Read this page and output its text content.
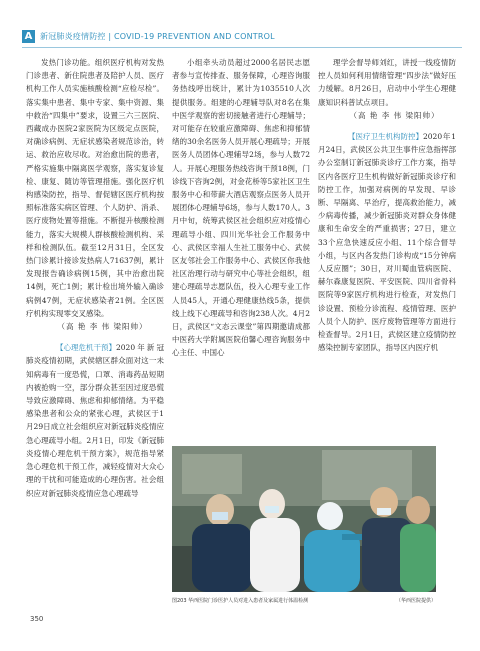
A 新冠肺炎疫情防控 | COVID-19 PREVENTION AND CONTROL

发热门诊功能。组织医疗机构对发热门诊患者、新住院患者及陪护人员、医疗机构工作人员实施核酸检测“应检尽检”。落实集中患者、集中专家、集中资源、集中救治“四集中”要求，设置三六三医院、西藏成办医院2家医院为区级定点医院，对确诊病例、无症状感染者规范诊治，转运、救治应收尽收。对治愈出院的患者，严格实施集中隔离医学观察，落实复诊复检、康复、随访等管理措施。强化医疗机构感染防控，指导、督促辖区医疗机构按照标准落实病区管理、个人防护、消杀、医疗废物处置等措施。不断提升核酸检测能力，落实大规模人群核酸检测机构、采样和检测队伍。截至12月31日，全区发热门诊累计接诊发热病人71637例，累计发现报告确诊病例15例，其中治愈出院14例，死亡1例；累计检出境外输入确诊病例47例，无症状感染者21例。全区医疗机构实现零交叉感染。

（高 艳 李 伟 梁阳帅）

【心理危机干预】2020年新冠肺炎疫情初期，武侯辖区群众面对这一未知病毒有一度恐慌，口罩、消毒药品短期内被抢购一空，部分群众甚至因过度恐慌导致应激障碍、焦虑和抑郁情绪。为平稳感染患者和公众的紧张心理，武侯区于1月29日成立社会组织应对新冠肺炎疫情应急心理疏导小组。2月1日，印发《新冠肺炎疫情心理危机干预方案》，规范指导紧急心理危机干预工作，减轻疫情对大众心理的干扰和可能造成的心理伤害。社会组织应对新冠肺炎疫情应急心理疏导

小组牵头动员超过2000名居民志愿者参与宣传排查、服务保障，心理咨询服务热线呼出统计，累计为1035510人次提供服务。组建的心理辅导队对8名在集中医学观察的密切接触者进行心理辅导；对可能存在较重应激障碍、焦虑和抑郁情绪的30余名医务人员开展心理疏导；开展医务人员团体心理辅导2场，参与人数72人。开展心理服务热线咨询干预18例，门诊线下咨询2例，对金花桥等5家社区卫生服务中心和带薪大酒店观察点医务人员开展团体心理辅导6场，参与人数170人。3月中旬，统筹武侯区社会组织应对疫情心理疏导小组、四川光华社会工作服务中心、武侯区幸福人生社工服务中心、武侯区友邻社会工作服务中心、武侯区你我他社区治理行动与研究中心等社会组织，组建心理疏导志愿队伍，投入心理专业工作人员45人，开通心理健康热线5条，提供线上线下心理疏导和咨询238人次。4月2日，武侯区“文态云课堂”第四期邀请成都中医药大学附属医院伯馨心理咨询服务中心主任、中国心

理学会督导师刘红，讲授一线疫情防控人员如何利用情绪管理“四步法”做好压力缓解。8月26日，启动中小学生心理健康知识科普试点项目。

（高 艳 李 伟 梁阳帅）

【医疗卫生机构防控】2020年1月24日，武侯区公共卫生事件应急指挥部办公室制订新冠肺炎诊疗工作方案，指导区内各医疗卫生机构做好新冠肺炎诊疗和防控工作，加强对病例的早发现、早诊断、早隔离、早治疗，提高救治能力，减少病毒传播，减少新冠肺炎对群众身体健康和生命安全的严重损害；27日，建立33个应急快速反应小组、11个综合督导小组，与区内各发热门诊构成“15分钟病人反应圈”；30日，对川蜀血管病医院、赫尔森康复医院、平安医院、四川省骨科医院等9家医疗机构进行检查，对发热门诊设置、预检分诊流程、疫情管理、医护人员个人防护、医疗废物管理等方面进行检查督导。2月1日，武侯区建立疫情防控感染控制专家团队，指导区内医疗机

图203 华西医院门诊医护人员对进入患者及家属进行体温检测	（华西医院提供）
350
